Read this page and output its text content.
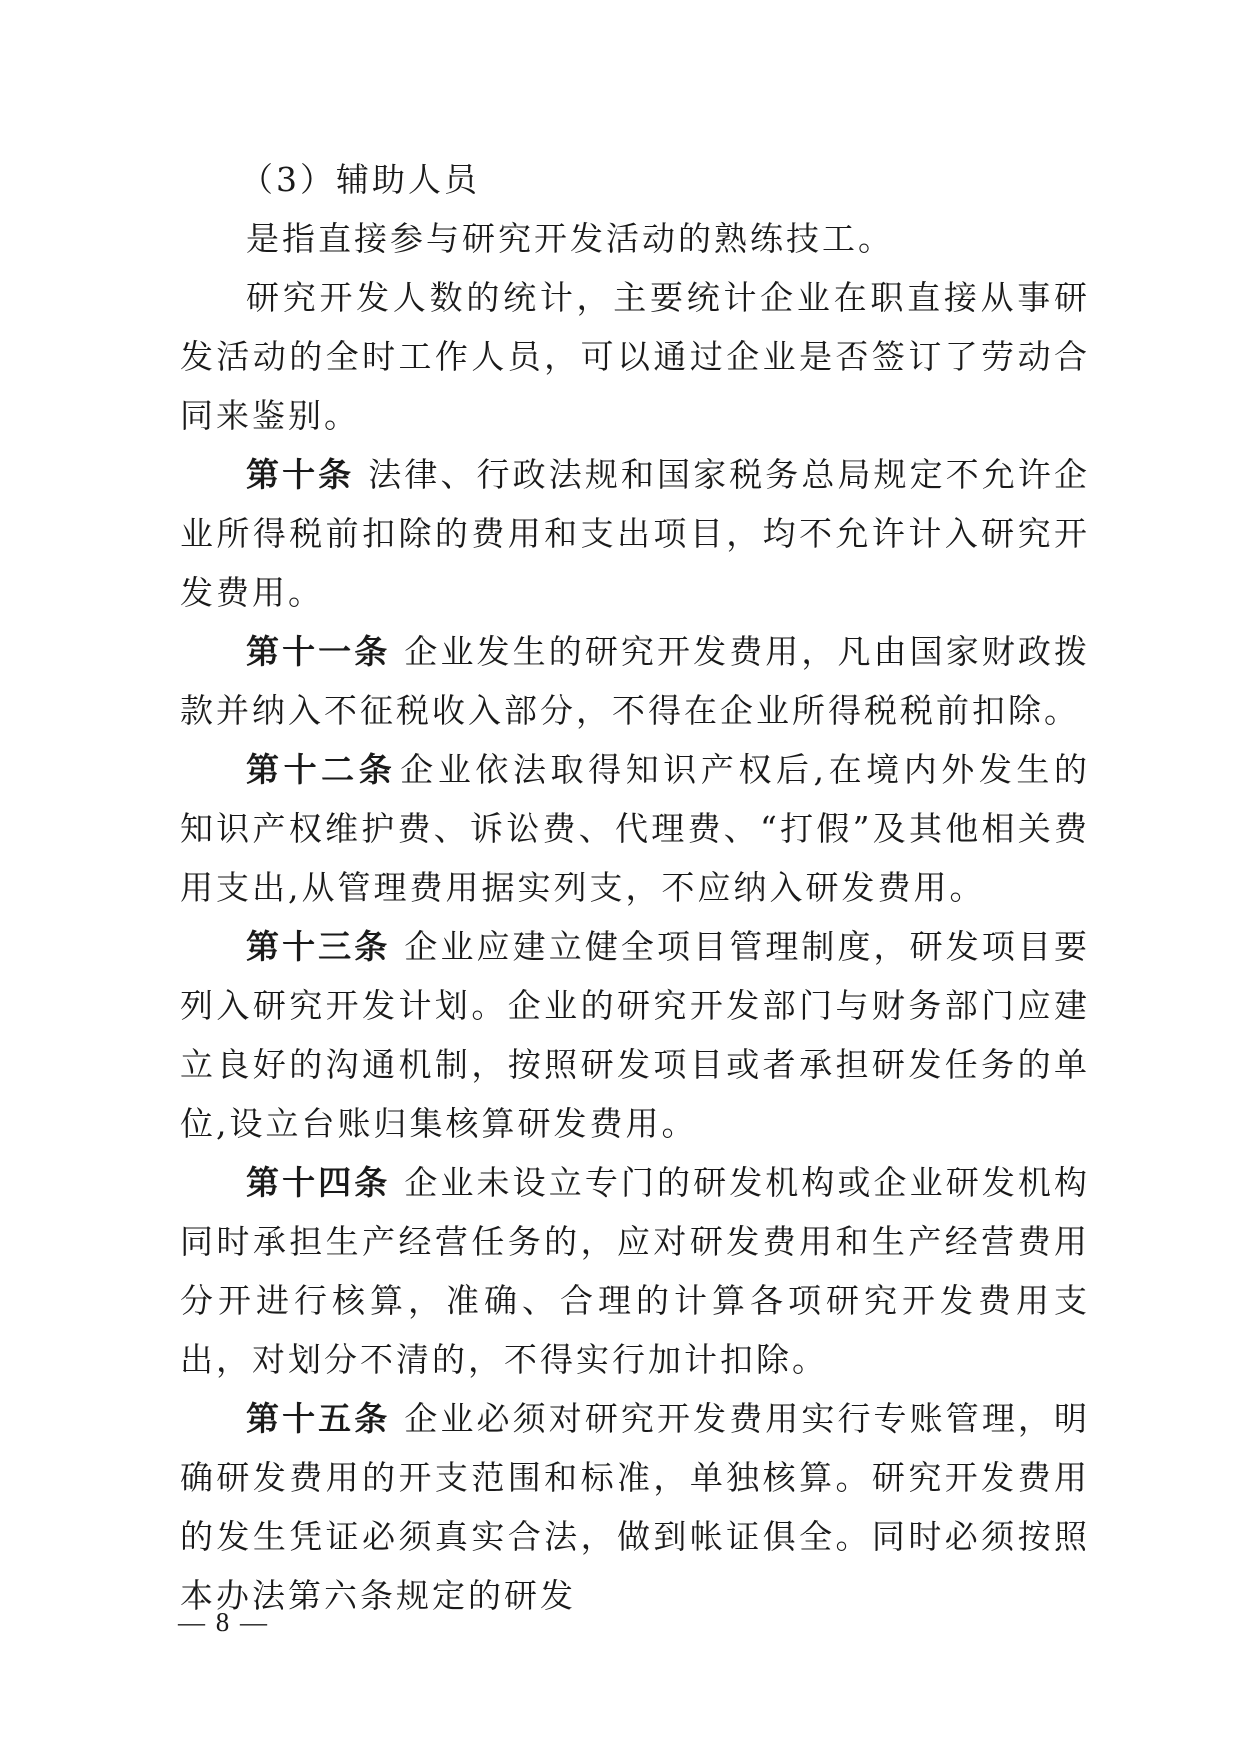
（3）辅助人员

是指直接参与研究开发活动的熟练技工。

研究开发人数的统计，主要统计企业在职直接从事研发活动的全时工作人员，可以通过企业是否签订了劳动合同来鉴别。

第十条 法律、行政法规和国家税务总局规定不允许企业所得税前扣除的费用和支出项目，均不允许计入研究开发费用。

第十一条 企业发生的研究开发费用，凡由国家财政拨款并纳入不征税收入部分，不得在企业所得税税前扣除。

第十二条 企业依法取得知识产权后,在境内外发生的知识产权维护费、诉讼费、代理费、“打假”及其他相关费用支出,从管理费用据实列支，不应纳入研发费用。

第十三条 企业应建立健全项目管理制度，研发项目要列入研究开发计划。企业的研究开发部门与财务部门应建立良好的沟通机制，按照研发项目或者承担研发任务的单位,设立台账归集核算研发费用。

第十四条 企业未设立专门的研发机构或企业研发机构同时承担生产经营任务的，应对研发费用和生产经营费用分开进行核算，准确、合理的计算各项研究开发费用支出，对划分不清的，不得实行加计扣除。

第十五条 企业必须对研究开发费用实行专账管理，明确研发费用的开支范围和标准，单独核算。研究开发费用的发生凭证必须真实合法，做到帐证俱全。同时必须按照本办法第六条规定的研发

— 8 —
